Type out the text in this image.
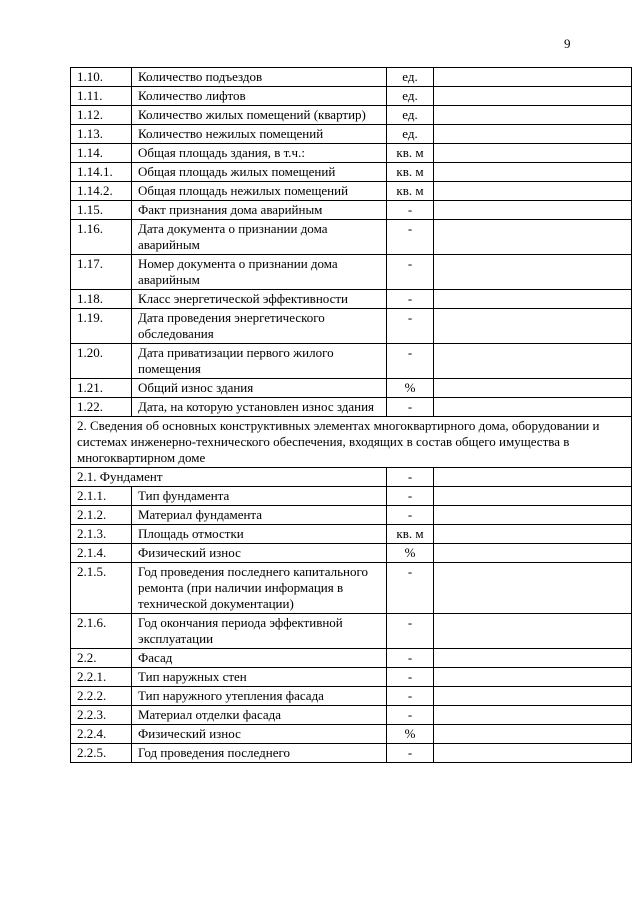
9
1.10.	Количество подъездов	ед.	
1.11.	Количество лифтов	ед.	
1.12.	Количество жилых помещений (квартир)	ед.	
1.13.	Количество нежилых помещений	ед.	
1.14.	Общая площадь здания, в т.ч.:	кв. м	
1.14.1.	Общая площадь жилых помещений	кв. м	
1.14.2.	Общая площадь нежилых помещений	кв. м	
1.15.	Факт признания дома аварийным	-	
1.16.	Дата документа о признании дома аварийным	-	
1.17.	Номер документа о признании дома аварийным	-	
1.18.	Класс энергетической эффективности	-	
1.19.	Дата проведения энергетического обследования	-	
1.20.	Дата приватизации первого жилого помещения	-	
1.21.	Общий износ здания	%	
1.22.	Дата, на которую установлен износ здания	-	
2. Сведения об основных конструктивных элементах многоквартирного дома, оборудовании и системах инженерно-технического обеспечения, входящих в состав общего имущества в многоквартирном доме			
2.1. Фундамент		-	
2.1.1.	Тип фундамента	-	
2.1.2.	Материал фундамента	-	
2.1.3.	Площадь отмостки	кв. м	
2.1.4.	Физический износ	%	
2.1.5.	Год проведения последнего капитального ремонта (при наличии информация в технической документации)	-	
2.1.6.	Год окончания периода эффективной эксплуатации	-	
2.2.	Фасад	-	
2.2.1.	Тип наружных стен	-	
2.2.2.	Тип наружного утепления фасада	-	
2.2.3.	Материал отделки фасада	-	
2.2.4.	Физический износ	%	
2.2.5.	Год проведения последнего	-	
